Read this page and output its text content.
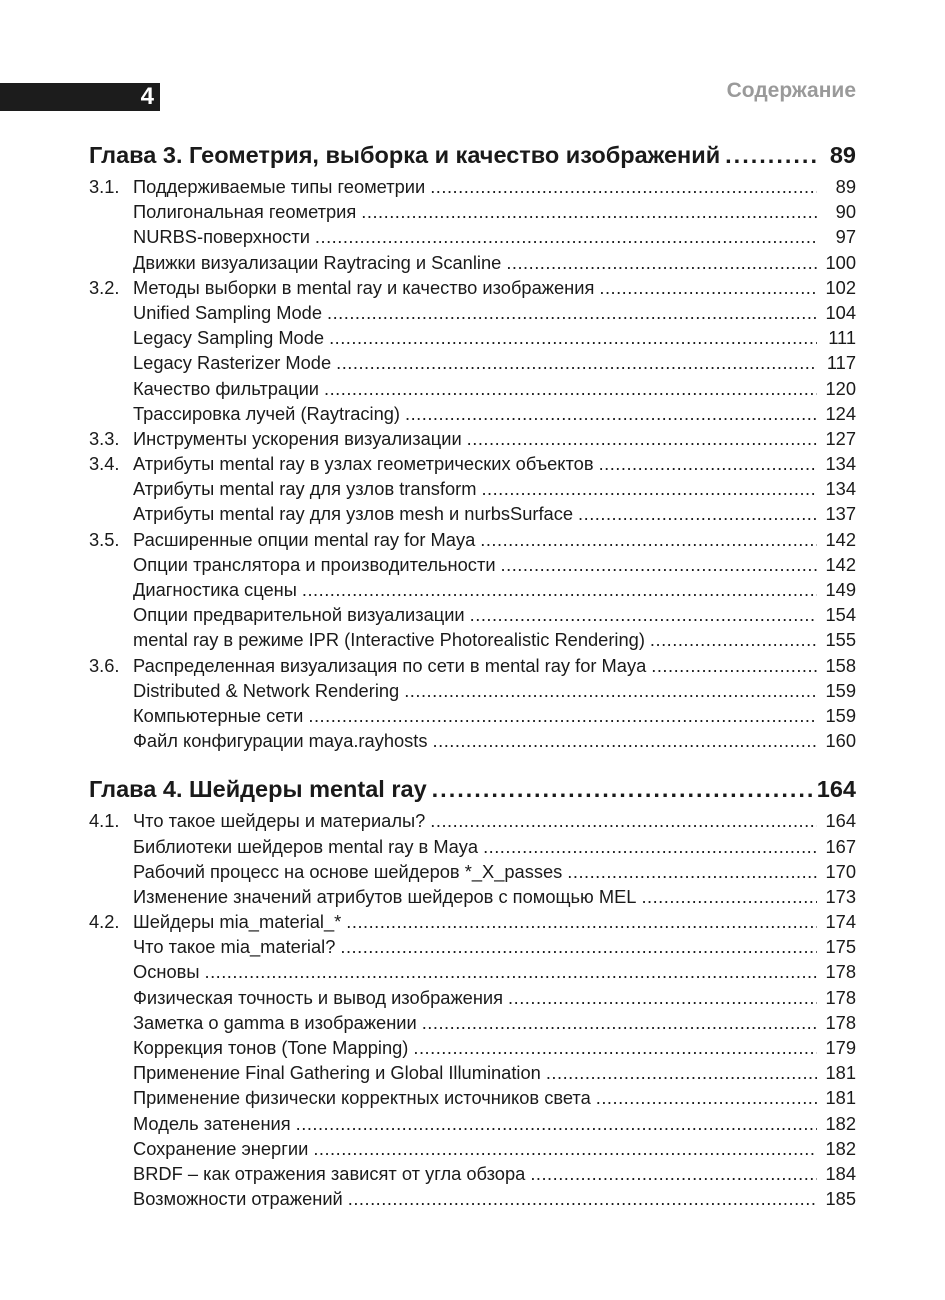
4	Содержание
Глава 3. Геометрия, выборка и качество изображений .....	89
3.1. Поддерживаемые типы геометрии .....	89
Полигональная геометрия .....	90
NURBS-поверхности .....	97
Движки визуализации Raytracing и Scanline .....	100
3.2. Методы выборки в mental ray и качество изображения .....	102
Unified Sampling Mode .....	104
Legacy Sampling Mode .....	111
Legacy Rasterizer Mode .....	117
Качество фильтрации .....	120
Трассировка лучей (Raytracing) .....	124
3.3. Инструменты ускорения визуализации .....	127
3.4. Атрибуты mental ray в узлах геометрических объектов .....	134
Атрибуты mental ray для узлов transform .....	134
Атрибуты mental ray для узлов mesh и nurbsSurface .....	137
3.5. Расширенные опции mental ray for Maya .....	142
Опции транслятора и производительности .....	142
Диагностика сцены .....	149
Опции предварительной визуализации .....	154
mental ray в режиме IPR (Interactive Photorealistic Rendering) .....	155
3.6. Распределенная визуализация по сети в mental ray for Maya .....	158
Distributed & Network Rendering .....	159
Компьютерные сети .....	159
Файл конфигурации maya.rayhosts .....	160
Глава 4. Шейдеры mental ray .....	164
4.1. Что такое шейдеры и материалы? .....	164
Библиотеки шейдеров mental ray в Maya .....	167
Рабочий процесс на основе шейдеров *_X_passes .....	170
Изменение значений атрибутов шейдеров с помощью MEL .....	173
4.2. Шейдеры mia_material_* .....	174
Что такое mia_material? .....	175
Основы .....	178
Физическая точность и вывод изображения .....	178
Заметка о gamma в изображении .....	178
Коррекция тонов (Tone Mapping) .....	179
Применение Final Gathering и Global Illumination .....	181
Применение физически корректных источников света .....	181
Модель затенения .....	182
Сохранение энергии .....	182
BRDF – как отражения зависят от угла обзора .....	184
Возможности отражений .....	185
